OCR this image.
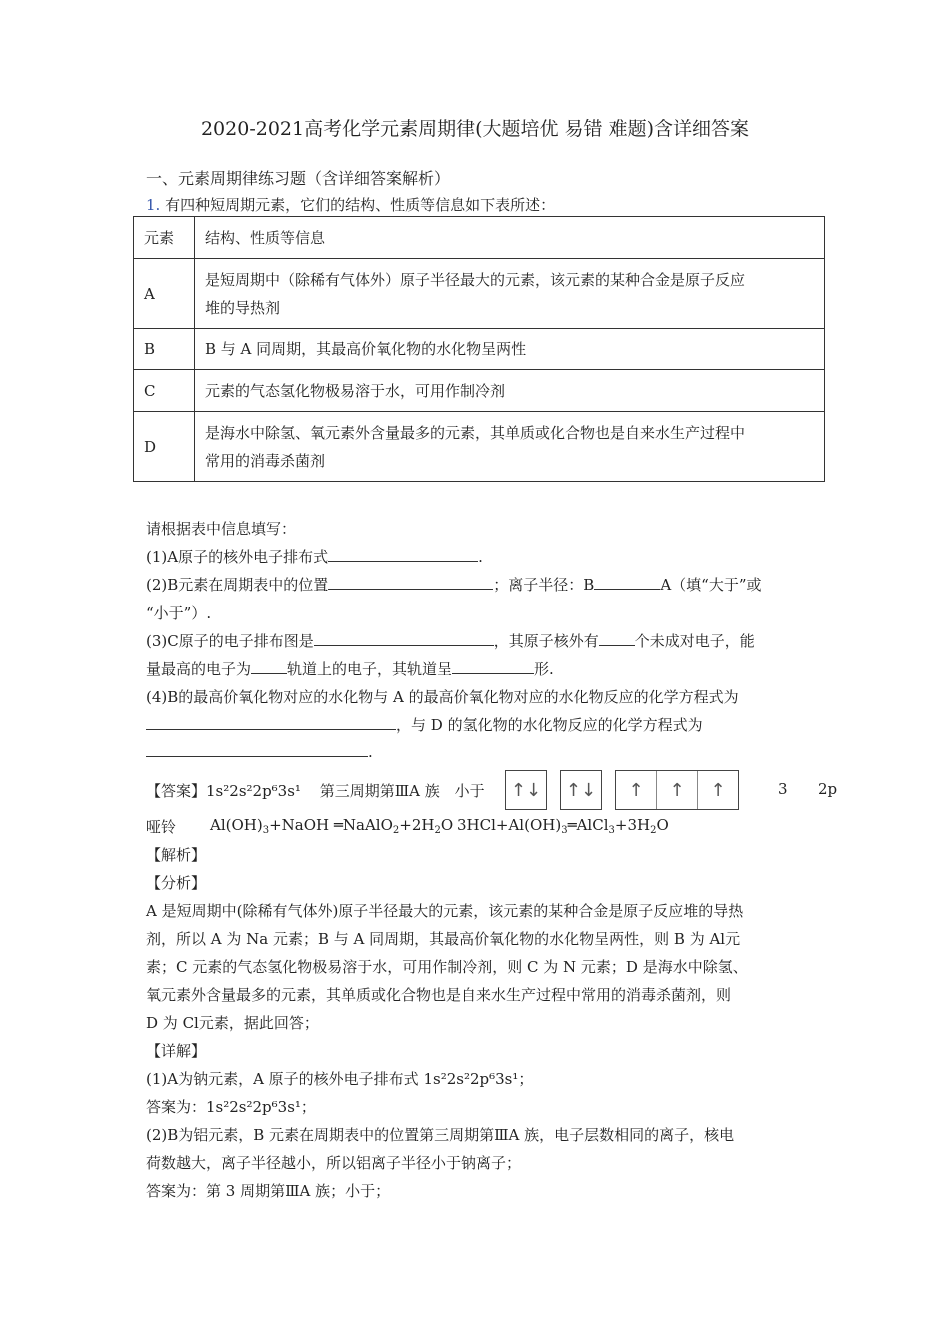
2020-2021高考化学元素周期律(大题培优 易错 难题)含详细答案
一、元素周期律练习题（含详细答案解析）
1. 有四种短周期元素，它们的结构、性质等信息如下表所述：
元素	结构、性质等信息
A	是短周期中（除稀有气体外）原子半径最大的元素，该元素的某种合金是原子反应
堆的导热剂
B	B 与 A 同周期，其最高价氧化物的水化物呈两性
C	元素的气态氢化物极易溶于水，可用作制冷剂
D	是海水中除氢、氧元素外含量最多的元素，其单质或化合物也是自来水生产过程中
常用的消毒杀菌剂
请根据表中信息填写：
(1)A原子的核外电子排布式	.
(2)B元素在周期表中的位置	；离子半径：B	A（填“大于”或
“小于”）.
(3)C原子的电子排布图是	，其原子核外有 个未成对电子，能
量最高的电子为 轨道上的电子，其轨道呈	形.
(4)B的最高价氧化物对应的水化物与 A 的最高价氧化物对应的水化物反应的化学方程式为
，与 D 的氢化物的水化物反应的化学方程式为
.
【答案】1s²2s²2p⁶3s¹ 第三周期第ⅢA 族 小于 ↑↓ ↑↓	↑	↑	↑	3 2p
哑铃 $Al(OH)_3+NaOH$ $═NaAlO_2+2H_2O$ $3HCl+Al(OH)_3═AlCl_3+3H_2O$
【解析】
【分析】
A 是短周期中(除稀有气体外)原子半径最大的元素，该元素的某种合金是原子反应堆的导热
剂，所以 A 为 Na 元素；B 与 A 同周期，其最高价氧化物的水化物呈两性，则 B 为 Al元
素；C 元素的气态氢化物极易溶于水，可用作制冷剂，则 C 为 N 元素；D 是海水中除氢、
氧元素外含量最多的元素，其单质或化合物也是自来水生产过程中常用的消毒杀菌剂，则
D 为 Cl元素，据此回答；
【详解】
(1)A为钠元素，A 原子的核外电子排布式 1s²2s²2p⁶3s¹；
答案为：1s²2s²2p⁶3s¹；
(2)B为铝元素，B 元素在周期表中的位置第三周期第ⅢA 族，电子层数相同的离子，核电
荷数越大，离子半径越小，所以铝离子半径小于钠离子；
答案为：第 3 周期第ⅢA 族；小于；
